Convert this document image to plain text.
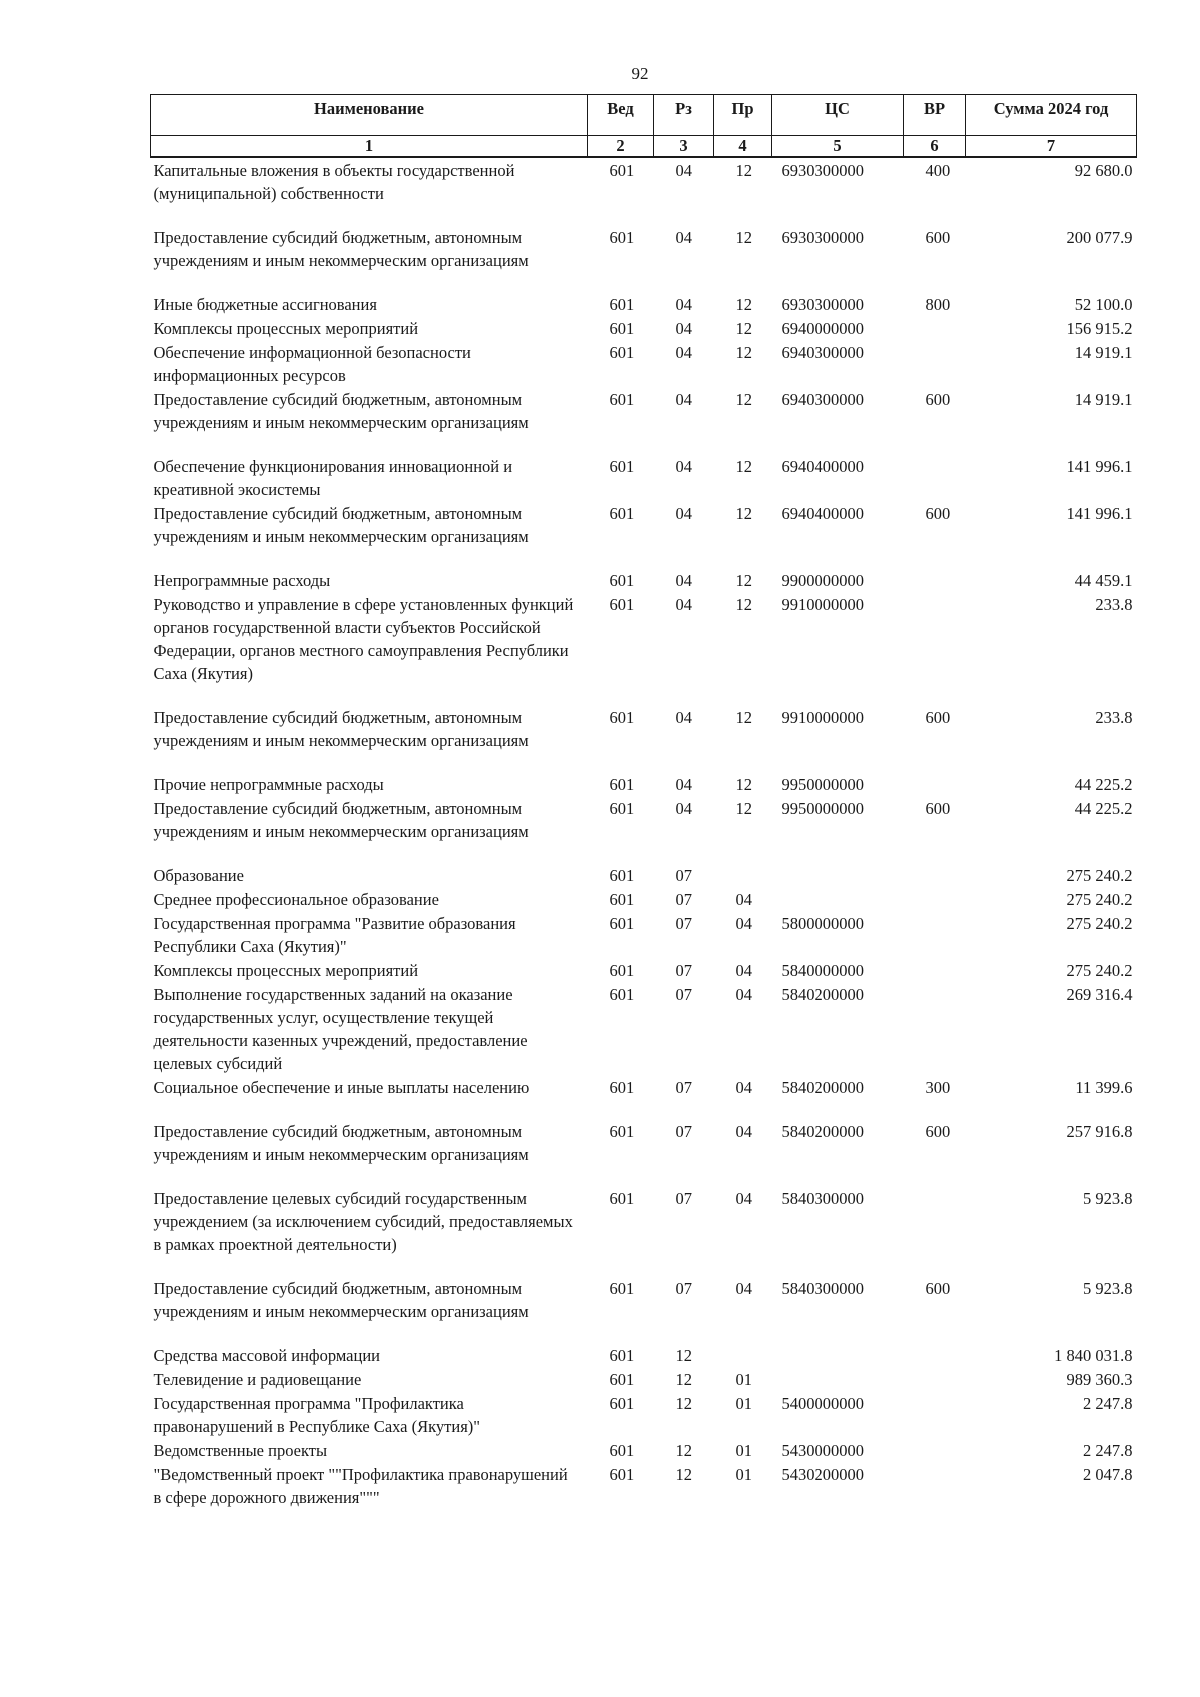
92
Наименование	Вед	Рз	Пр	ЦС	ВР	Сумма 2024 год
1	2	3	4	5	6	7
Капитальные вложения в объекты государственной (муниципальной) собственности	601	04	12	6930300000	400	92 680.0
Предоставление субсидий бюджетным, автономным учреждениям и иным некоммерческим организациям	601	04	12	6930300000	600	200 077.9
Иные бюджетные ассигнования	601	04	12	6930300000	800	52 100.0
Комплексы процессных мероприятий	601	04	12	6940000000		156 915.2
Обеспечение информационной безопасности информационных ресурсов	601	04	12	6940300000		14 919.1
Предоставление субсидий бюджетным, автономным учреждениям и иным некоммерческим организациям	601	04	12	6940300000	600	14 919.1
Обеспечение функционирования инновационной и креативной экосистемы	601	04	12	6940400000		141 996.1
Предоставление субсидий бюджетным, автономным учреждениям и иным некоммерческим организациям	601	04	12	6940400000	600	141 996.1
Непрограммные расходы	601	04	12	9900000000		44 459.1
Руководство и управление в сфере установленных функций органов государственной власти субъектов Российской Федерации, органов местного самоуправления Республики Саха (Якутия)	601	04	12	9910000000		233.8
Предоставление субсидий бюджетным, автономным учреждениям и иным некоммерческим организациям	601	04	12	9910000000	600	233.8
Прочие непрограммные расходы	601	04	12	9950000000		44 225.2
Предоставление субсидий бюджетным, автономным учреждениям и иным некоммерческим организациям	601	04	12	9950000000	600	44 225.2
Образование	601	07				275 240.2
Среднее профессиональное образование	601	07	04			275 240.2
Государственная программа "Развитие образования Республики Саха (Якутия)"	601	07	04	5800000000		275 240.2
Комплексы процессных мероприятий	601	07	04	5840000000		275 240.2
Выполнение государственных заданий на оказание государственных услуг, осуществление текущей деятельности казенных учреждений, предоставление целевых субсидий	601	07	04	5840200000		269 316.4
Социальное обеспечение и иные выплаты населению	601	07	04	5840200000	300	11 399.6
Предоставление субсидий бюджетным, автономным учреждениям и иным некоммерческим организациям	601	07	04	5840200000	600	257 916.8
Предоставление целевых субсидий государственным учреждением (за исключением субсидий, предоставляемых в рамках проектной деятельности)	601	07	04	5840300000		5 923.8
Предоставление субсидий бюджетным, автономным учреждениям и иным некоммерческим организациям	601	07	04	5840300000	600	5 923.8
Средства массовой информации	601	12				1 840 031.8
Телевидение и радиовещание	601	12	01			989 360.3
Государственная программа "Профилактика правонарушений в Республике Саха (Якутия)"	601	12	01	5400000000		2 247.8
Ведомственные проекты	601	12	01	5430000000		2 247.8
"Ведомственный проект ""Профилактика правонарушений в сфере дорожного движения"""	601	12	01	5430200000		2 047.8
